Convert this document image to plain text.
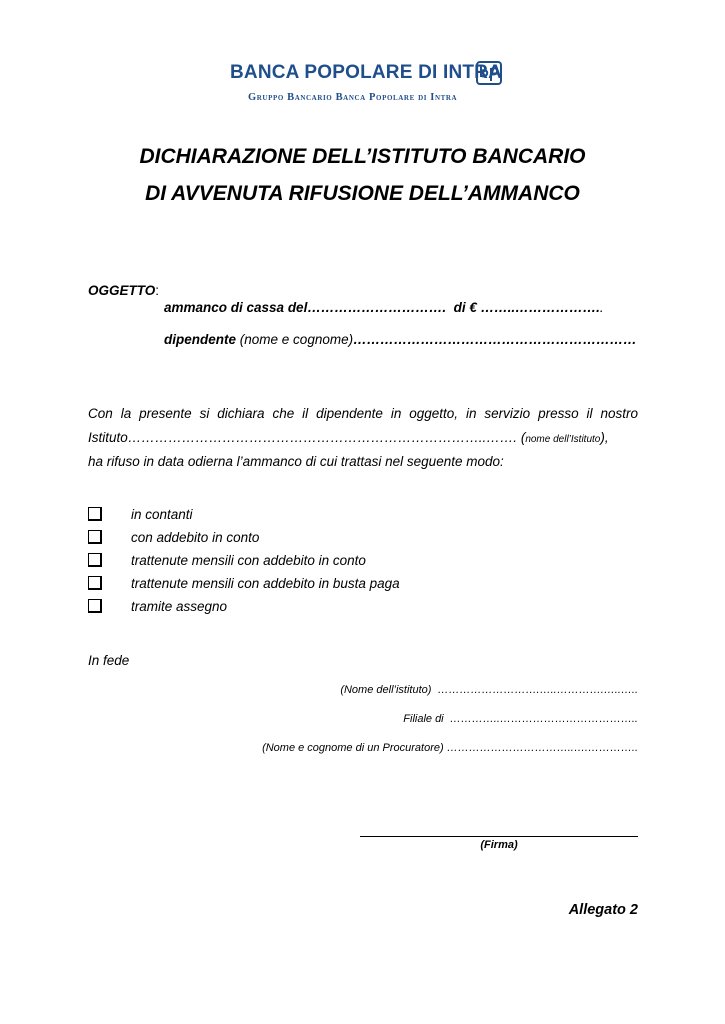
BANCA POPOLARE DI INTRA
Gruppo Bancario Banca Popolare di Intra
DICHIARAZIONE DELL’ISTITUTO BANCARIO
DI AVVENUTA RIFUSIONE DELL’AMMANCO
OGGETTO:
ammanco di cassa del…………………………. di € ……..………………..
dipendente (nome e cognome)………………………………………………………
Con la presente si dichiara che il dipendente in oggetto, in servizio presso il nostro
Istituto……………………………………………………………………..……. (nome dell’Istituto),
ha rifuso in data odierna l’ammanco di cui trattasi nel seguente modo:
in contanti
con addebito in conto
trattenute mensili con addebito in conto
trattenute mensili con addebito in busta paga
tramite assegno
In fede
(Nome dell’istituto) ……………………….…..………….…..…..
Filiale di …………..………………………………..
(Nome e cognome di un Procuratore) ……………………………..….…………..
(Firma)
Allegato 2
